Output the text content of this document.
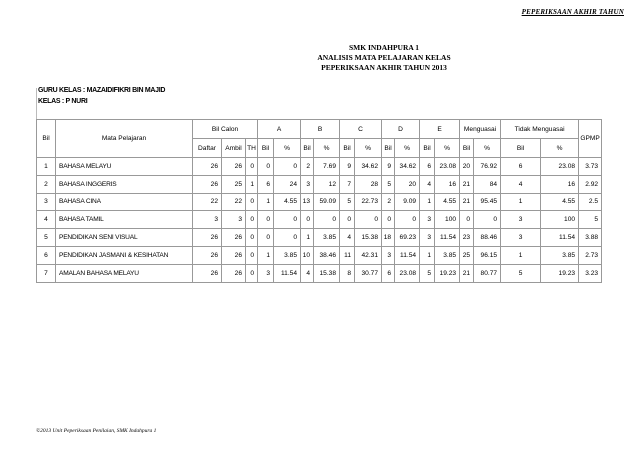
PEPERIKSAAN AKHIR TAHUN
SMK INDAHPURA 1
ANALISIS MATA PELAJARAN KELAS
PEPERIKSAAN AKHIR TAHUN 2013
GURU KELAS : MAZAIDIFIKRI BIN MAJID
KELAS : P NURI
Bil	Mata Pelajaran	Bil Calon			A		B		C		D		E		Menguasai		Tidak Menguasai		GPMP
		Daftar	Ambil	TH	Bil	%	Bil	%	Bil	%	Bil	%	Bil	%	Bil	%	Bil	%	
1	BAHASA MELAYU	26	26	0	0	0	2	7.69	9	34.62	9	34.62	6	23.08	20	76.92	6	23.08	3.73
2	BAHASA INGGERIS	26	25	1	6	24	3	12	7	28	5	20	4	16	21	84	4	16	2.92
3	BAHASA CINA	22	22	0	1	4.55	13	59.09	5	22.73	2	9.09	1	4.55	21	95.45	1	4.55	2.5
4	BAHASA TAMIL	3	3	0	0	0	0	0	0	0	0	0	3	100	0	0	3	100	5
5	PENDIDIKAN SENI VISUAL	26	26	0	0	0	1	3.85	4	15.38	18	69.23	3	11.54	23	88.46	3	11.54	3.88
6	PENDIDIKAN JASMANI & KESIHATAN	26	26	0	1	3.85	10	38.46	11	42.31	3	11.54	1	3.85	25	96.15	1	3.85	2.73
7	AMALAN BAHASA MELAYU	26	26	0	3	11.54	4	15.38	8	30.77	6	23.08	5	19.23	21	80.77	5	19.23	3.23
©2013 Unit Peperiksaan Penilaian, SMK Indahpura 1
